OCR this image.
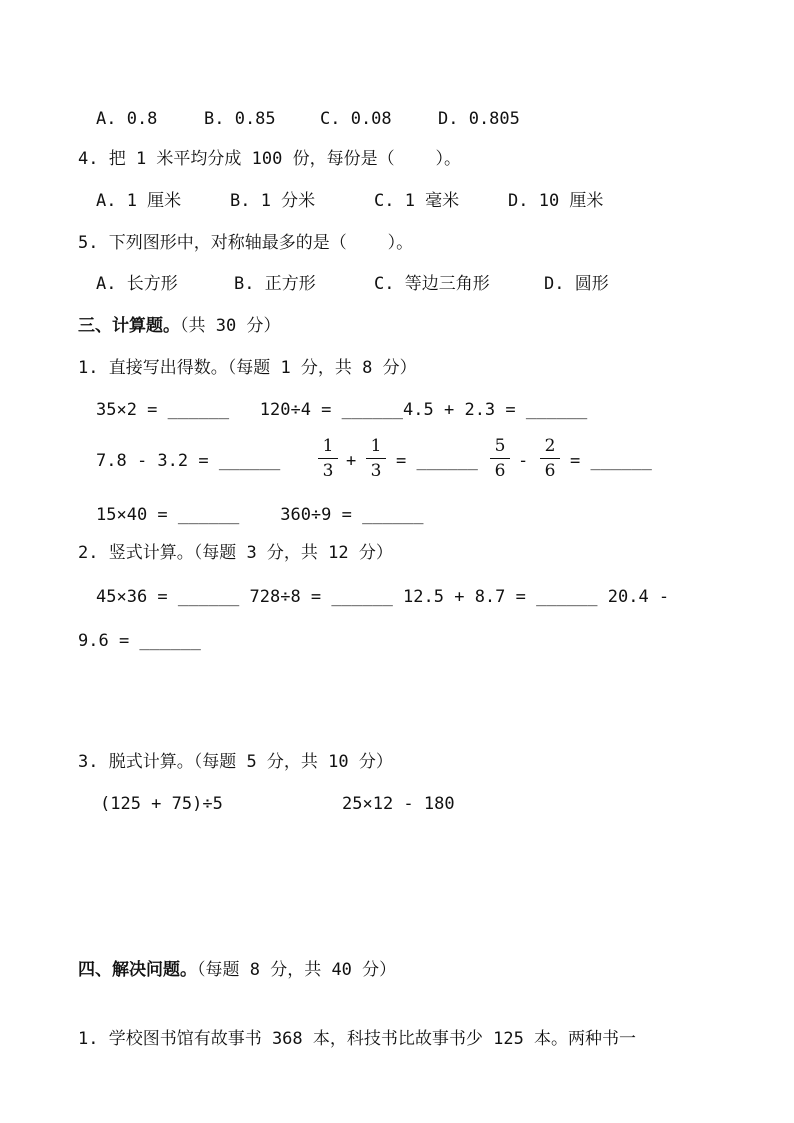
A. 0.8	B. 0.85	C. 0.08	D. 0.805
4. 把 1 米平均分成 100 份，每份是（    ）。
A. 1 厘米	B. 1 分米	C. 1 毫米	D. 10 厘米
5. 下列图形中，对称轴最多的是（    ）。
A. 长方形	B. 正方形	C. 等边三角形	D. 圆形
三、计算题。（共 30 分）
1. 直接写出得数。（每题 1 分，共 8 分）
35×2 = ______   120÷4 = ______4.5 + 2.3 = ______
7.8 - 3.2 = ______
1
3 +
1
3 = ______
5
6 -
2
6 = ______
15×40 = ______    360÷9 = ______
2. 竖式计算。（每题 3 分，共 12 分）
45×36 = ______ 728÷8 = ______ 12.5 + 8.7 = ______ 20.4 -
9.6 = ______
3. 脱式计算。（每题 5 分，共 10 分）
(125 + 75)÷5	25×12 - 180
四、解决问题。（每题 8 分，共 40 分）
1. 学校图书馆有故事书 368 本，科技书比故事书少 125 本。两种书一
